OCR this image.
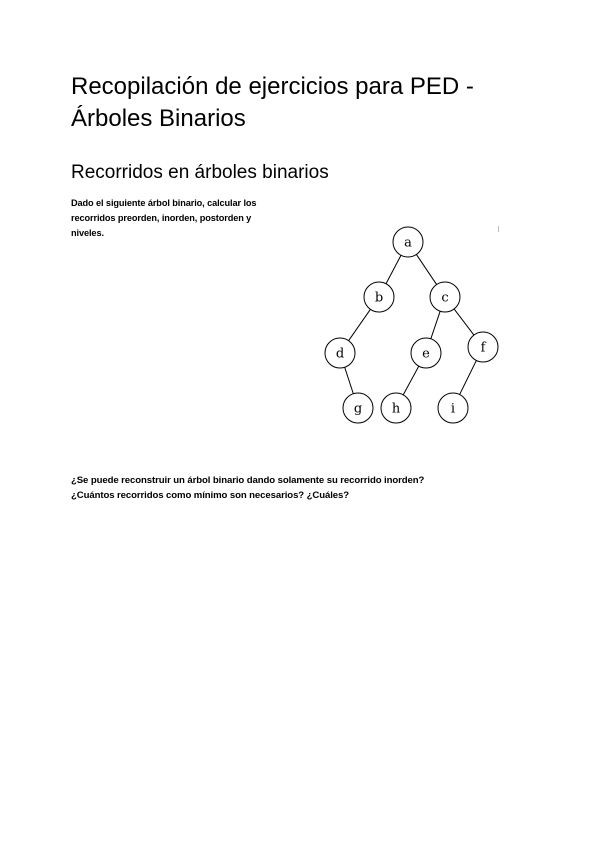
Recopilación de ejercicios para PED -
Árboles Binarios
Recorridos en árboles binarios

Dado el siguiente árbol binario, calcular los
recorridos preorden, inorden, postorden y
niveles.

a
b	c
d	e	f
g h	i

¿Se puede reconstruir un árbol binario dando solamente su recorrido inorden?
¿Cuántos recorridos como mínimo son necesarios? ¿Cuáles?
